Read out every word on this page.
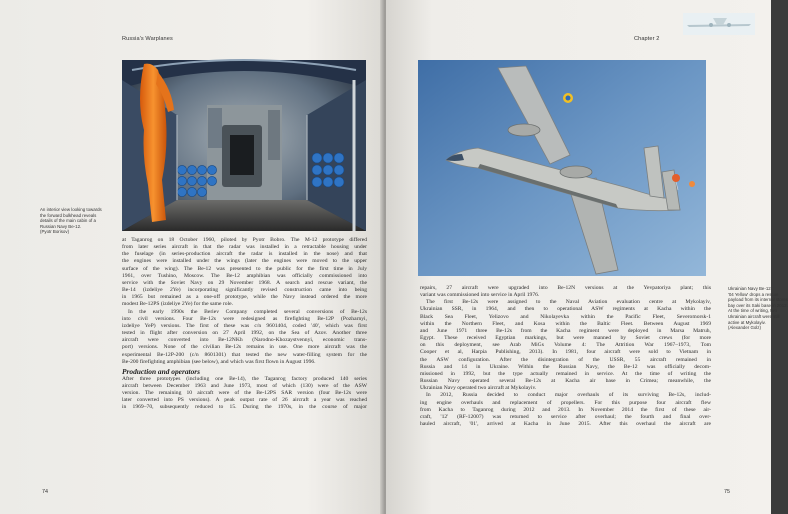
Russia's Warplanes
An interior view looking towards
the forward bulkhead reveals
details of the main cabin of a
Russian Navy Be-12.
(Pyotr Borisov)
at Taganrog on 18 October 1960, piloted by Pyotr Bobro. The M-12 prototype differed
from later series aircraft in that the radar was installed in a retractable housing under
the fuselage (in series-production aircraft the radar is installed in the nose) and that
the engines were installed under the wings (later the engines were moved to the upper
surface of the wing). The Be-12 was presented to the public for the first time in July
1961, over Tushino, Moscow. The Be-12 amphibian was officially commissioned into
service with the Soviet Navy on 29 November 1968. A search and rescue variant, the
Be-14 (izdeliye 2Ye) incorporating significantly revised construction came into being
in 1965 but remained as a one-off prototype, while the Navy instead ordered the more
modest Be-12PS (izdeliye 2Ye) for the same role.
In the early 1990s the Beriev Company completed several conversions of Be-12s
into civil versions. Four Be-12s were redesigned as firefighting Be-12P (Pozharnyi,
izdeliye YeP) versions. The first of these was c/n 9601404, coded '40', which was first
tested in flight after conversion on 27 April 1992, on the Sea of Azov. Another three
aircraft were converted into Be-12NKh (Narodno-Khozaystvennyi, economic trans-
port) versions. None of the civilian Be-12s remains in use. One more aircraft was the
experimental Be-12P-200 (c/n 8601301) that tested the new water-filling system for the
Be-200 firefighting amphibian (see below), and which was first flown in August 1996.
Production and operators
After three prototypes (including one Be-14), the Taganrog factory produced 140 series
aircraft between December 1963 and June 1973, most of which (130) were of the ASW
version. The remaining 10 aircraft were of the Be-12PS SAR version (four Be-12s were
later converted into PS versions). A peak output rate of 26 aircraft a year was reached
in 1969–70, subsequently reduced to 15. During the 1970s, in the course of major
74
Chapter 2
75
Ukrainian Navy Be-12
'04 Yellow' drops a rescue
payload from its internal stores
bay over its Saki base in 2012.
At the time of writing, two
Ukrainian aircraft were still
active at Mykolayiv.
(Alexander Golz)
repairs, 27 aircraft were upgraded into Be-12N versions at the Yevpatoriya plant; this
variant was commissioned into service in April 1976.
The first Be-12s were assigned to the Naval Aviation evaluation centre at Mykolayiv,
Ukrainian SSR, in 1964, and then to operational ASW regiments at Kacha within the
Black Sea Fleet, Yelizovo and Nikolayevka within the Pacific Fleet, Severomorsk-1
within the Northern Fleet, and Kosa within the Baltic Fleet. Between August 1969
and June 1971 three Be-12s from the Kacha regiment were deployed in Marsa Matruh,
Egypt. These received Egyptian markings, but were manned by Soviet crews (for more
on this deployment, see Arab MiGs Volume 4: The Attrition War 1967–1973, Tom
Cooper et al, Harpia Publishing, 2013). In 1981, four aircraft were sold to Vietnam in
the ASW configuration. After the disintegration of the USSR, 55 aircraft remained in
Russia and 14 in Ukraine. Within the Russian Navy, the Be-12 was officially decom-
missioned in 1992, but the type actually remained in service. At the time of writing the
Russian Navy operated several Be-12s at Kacha air base in Crimea; meanwhile, the
Ukrainian Navy operated two aircraft at Mykolayiv.
In 2012, Russia decided to conduct major overhauls of its surviving Be-12s, includ-
ing engine overhauls and replacement of propellers. For this purpose four aircraft flew
from Kacha to Taganrog during 2012 and 2013. In November 2014 the first of these air-
craft, '12' (RF-12007) was returned to service after overhaul; the fourth and final over-
hauled aircraft, '01', arrived at Kacha in June 2015. After this overhaul the aircraft are
